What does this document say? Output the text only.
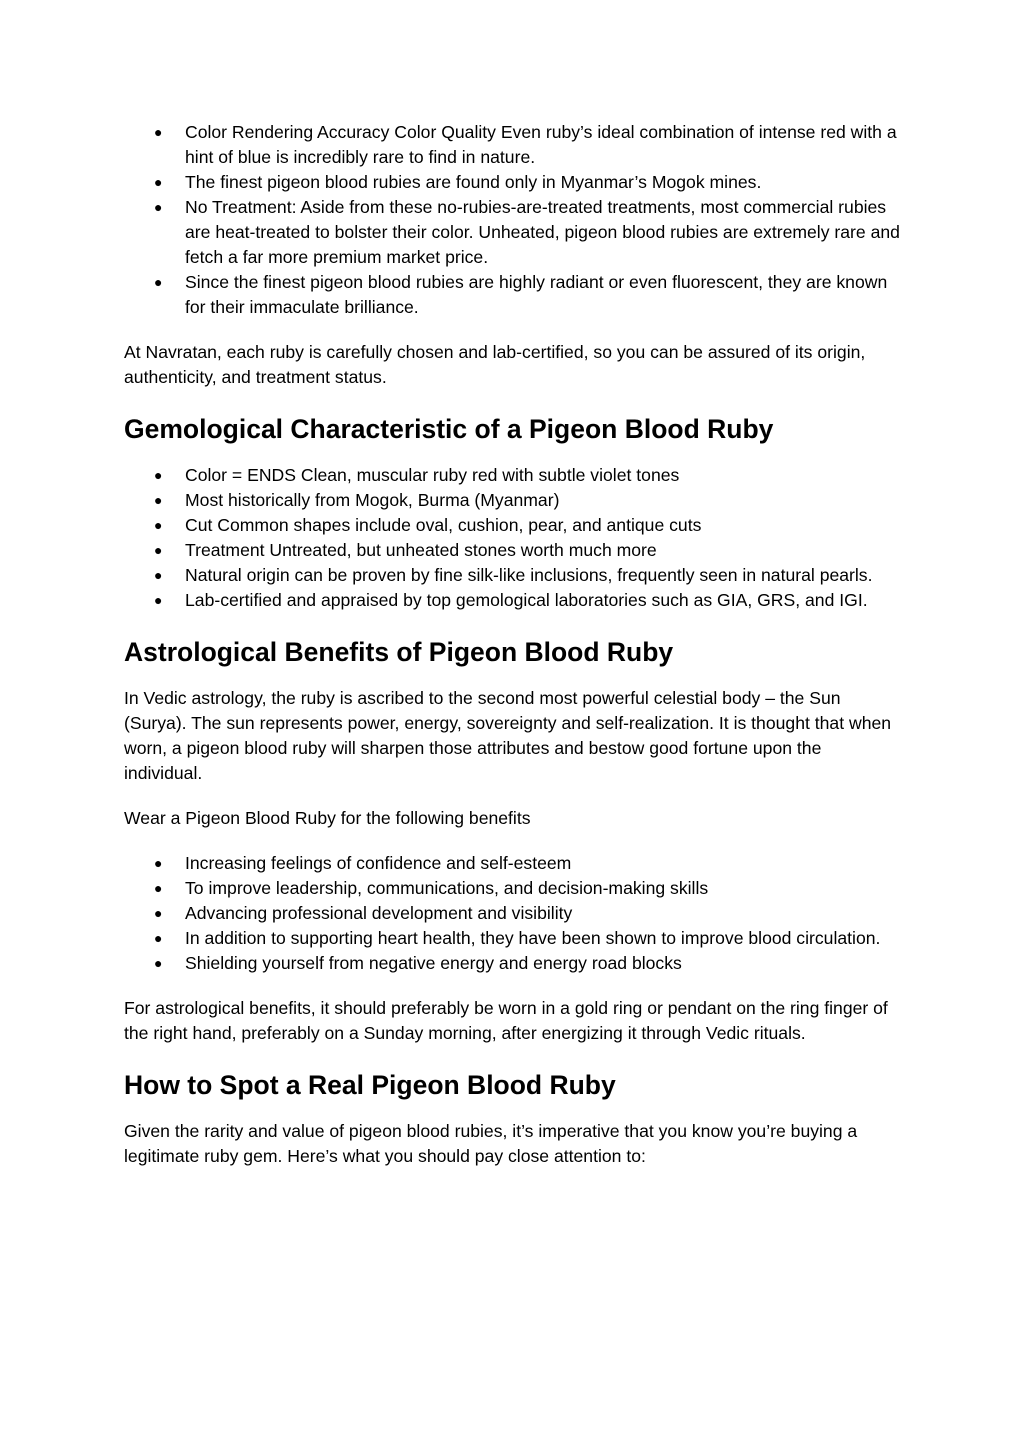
● Color Rendering Accuracy Color Quality Even ruby’s ideal combination of intense red with a hint of blue is incredibly rare to find in nature.
● The finest pigeon blood rubies are found only in Myanmar’s Mogok mines.
● No Treatment: Aside from these no-rubies-are-treated treatments, most commercial rubies are heat-treated to bolster their color. Unheated, pigeon blood rubies are extremely rare and fetch a far more premium market price.
● Since the finest pigeon blood rubies are highly radiant or even fluorescent, they are known for their immaculate brilliance.

At Navratan, each ruby is carefully chosen and lab-certified, so you can be assured of its origin, authenticity, and treatment status.

Gemological Characteristic of a Pigeon Blood Ruby
● Color = ENDS Clean, muscular ruby red with subtle violet tones
● Most historically from Mogok, Burma (Myanmar)
● Cut Common shapes include oval, cushion, pear, and antique cuts
● Treatment Untreated, but unheated stones worth much more
● Natural origin can be proven by fine silk-like inclusions, frequently seen in natural pearls.
● Lab-certified and appraised by top gemological laboratories such as GIA, GRS, and IGI.
Astrological Benefits of Pigeon Blood Ruby

In Vedic astrology, the ruby is ascribed to the second most powerful celestial body – the Sun (Surya). The sun represents power, energy, sovereignty and self-realization. It is thought that when worn, a pigeon blood ruby will sharpen those attributes and bestow good fortune upon the individual.

Wear a Pigeon Blood Ruby for the following benefits

● Increasing feelings of confidence and self-esteem
● To improve leadership, communications, and decision-making skills
● Advancing professional development and visibility
● In addition to supporting heart health, they have been shown to improve blood circulation.
● Shielding yourself from negative energy and energy road blocks

For astrological benefits, it should preferably be worn in a gold ring or pendant on the ring finger of the right hand, preferably on a Sunday morning, after energizing it through Vedic rituals.

How to Spot a Real Pigeon Blood Ruby

Given the rarity and value of pigeon blood rubies, it’s imperative that you know you’re buying a legitimate ruby gem. Here’s what you should pay close attention to:
